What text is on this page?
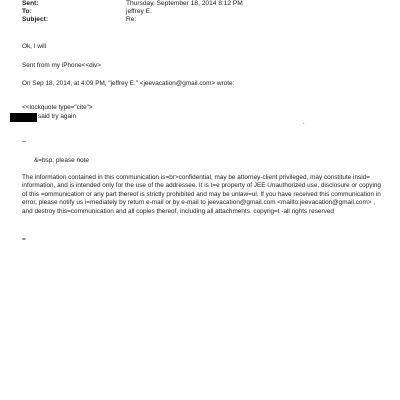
Sent:	Thursday, September 18, 2014 8:12 PM
To:	jeffrey E.
Subject:	Re:
Ok, I will
Sent from my iPhone<<div>
On Sep 18, 2014, at 4:09 PM, "jeffrey E." <jeevacation@gmail.com> wrote:
<<lockquote type="cite">
said try again
.
--
&=bsp; please note
The information contained in this communication is=br>confidential, may be attorney-client privileged, may constitute insid= information, and is intended only for the use of the addressee. It is t=e property of JEE Unauthorized use, disclosure or copying of this =ommunication or any part thereof is strictly prohibited and may be unlaw=ul. If you have received this communication in error, please notify us i=mediately by return e-mail or by e-mail to jeevacation@gmail.com <mailto:jeevacation@gmail.com> , and destroy this=communication and all copies thereof, including all attachments. copyrig=t -all rights reserved
=
